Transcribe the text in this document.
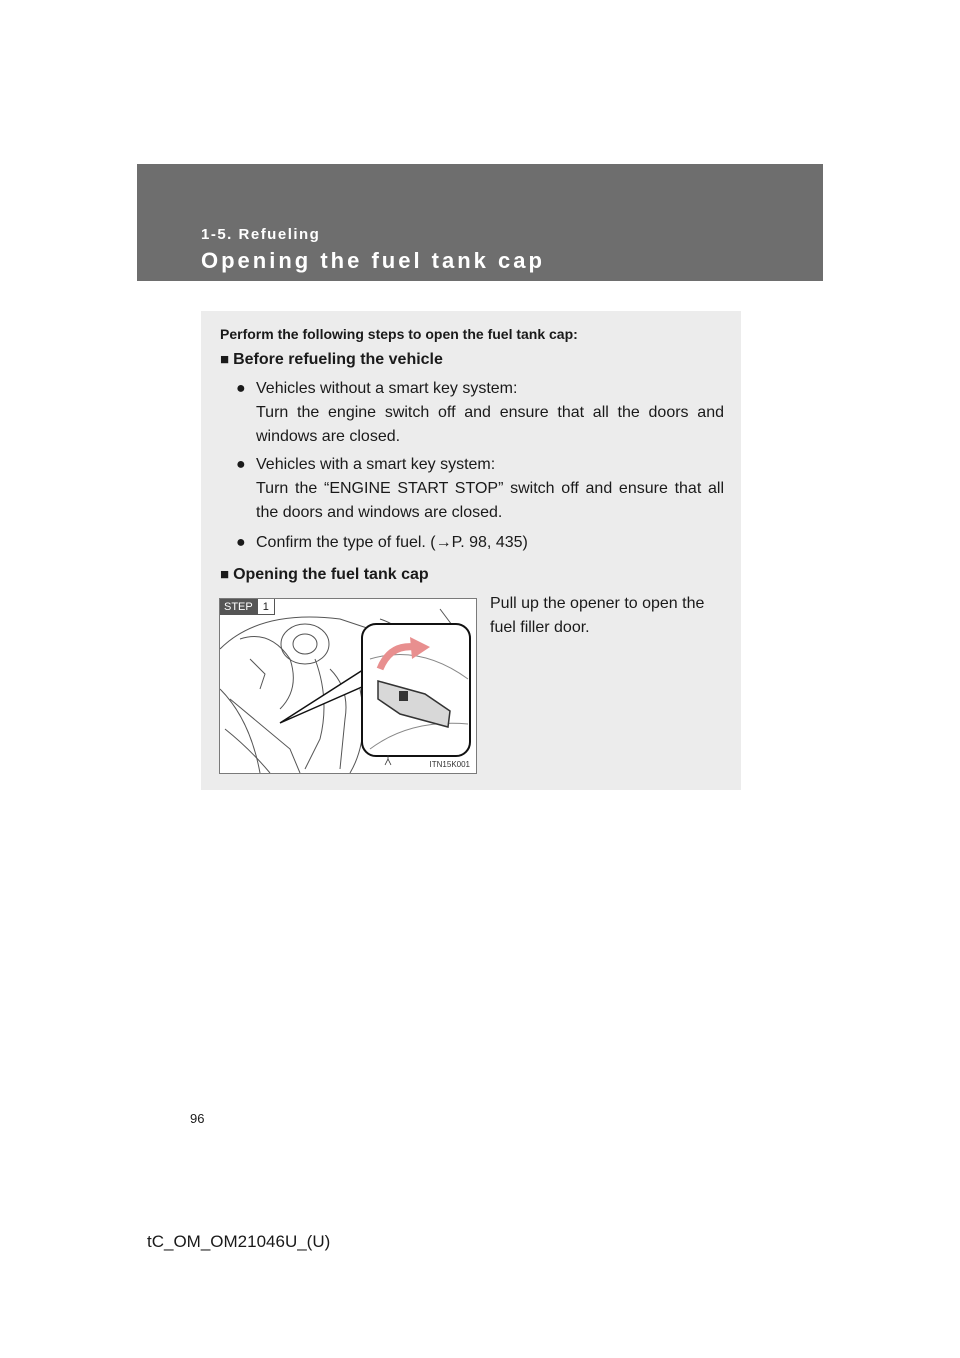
1-5. Refueling
Opening the fuel tank cap
Perform the following steps to open the fuel tank cap:
■ Before refueling the vehicle
● Vehicles without a smart key system:
Turn the engine switch off and ensure that all the doors and windows are closed.
● Vehicles with a smart key system:
Turn the “ENGINE START STOP” switch off and ensure that all the doors and windows are closed.
● Confirm the type of fuel. (→P. 98, 435)
■ Opening the fuel tank cap
STEP 1
ITN15K001
Pull up the opener to open the fuel filler door.
96
tC_OM_OM21046U_(U)
